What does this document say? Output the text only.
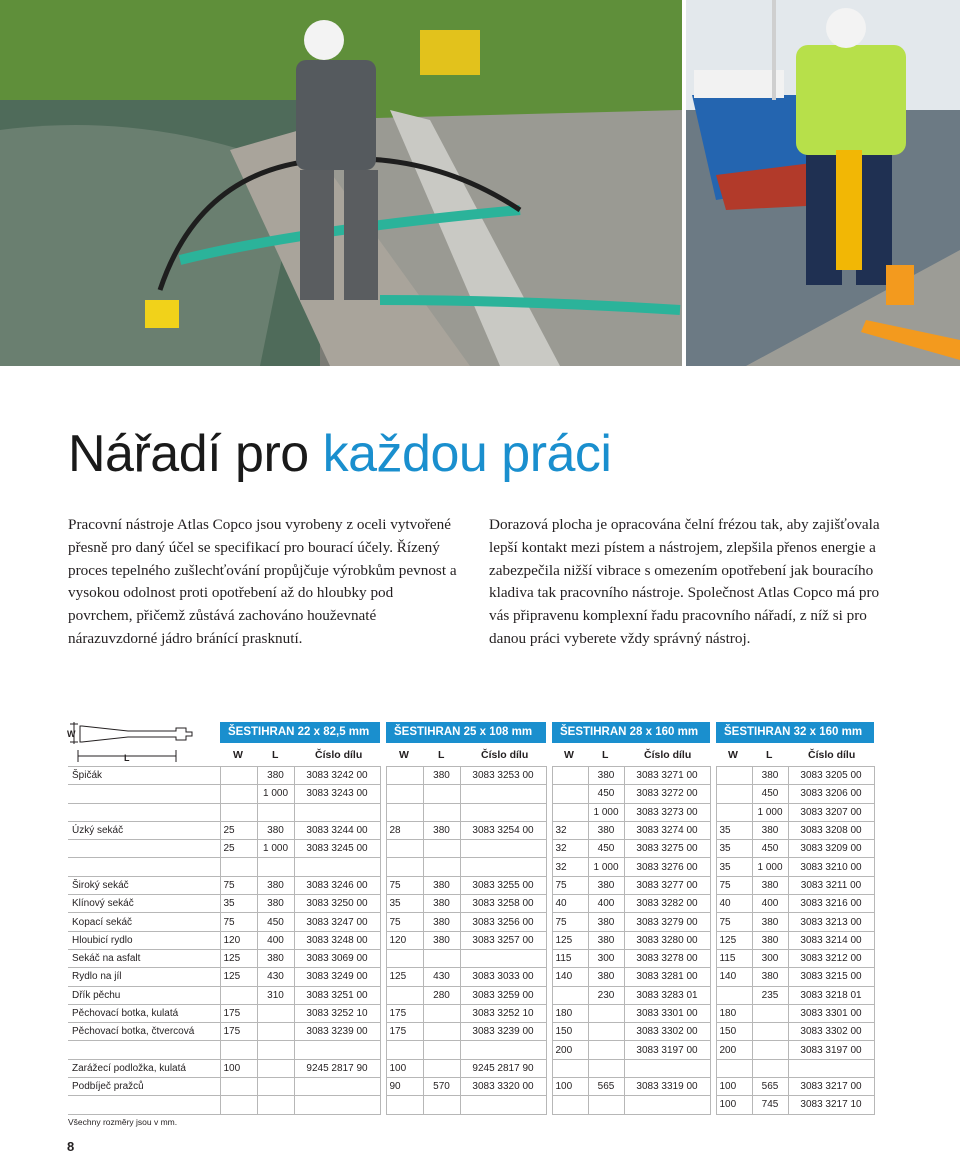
Nářadí pro každou práci

Pracovní nástroje Atlas Copco jsou vyrobeny z oceli vytvořené přesně pro daný účel se specifikací pro bourací účely. Řízený proces tepelného zušlechťování propůjčuje výrobkům pevnost a vysokou odolnost proti opotřebení až do hloubky pod povrchem, přičemž zůstává zachováno houževnaté nárazuvzdorné jádro bránící prasknutí.

Dorazová plocha je opracována čelní frézou tak, aby zajišťovala lepší kontakt mezi pístem a nástrojem, zlepšila přenos energie a zabezpečila nižší vibrace s omezením opotřebení jak bouracího kladiva tak pracovního nástroje. Společnost Atlas Copco má pro vás připravenu komplexní řadu pracovního nářadí, z níž si pro danou práci vyberete vždy správný nástroj.

W
L
ŠESTIHRAN 22 x 82,5 mm	ŠESTIHRAN 25 x 108 mm	ŠESTIHRAN 28 x 160 mm	ŠESTIHRAN 32 x 160 mm
W	L	Číslo dílu	W	L	Číslo dílu	W	L	Číslo dílu	W	L	Číslo dílu
Špičák		380	3083 3242 00			380	3083 3253 00			380	3083 3271 00			380	3083 3205 00
		1 000	3083 3243 00							450	3083 3272 00			450	3083 3206 00
										1 000	3083 3273 00			1 000	3083 3207 00
Úzký sekáč	25	380	3083 3244 00		28	380	3083 3254 00		32	380	3083 3274 00		35	380	3083 3208 00
	25	1 000	3083 3245 00						32	450	3083 3275 00		35	450	3083 3209 00
									32	1 000	3083 3276 00		35	1 000	3083 3210 00
Široký sekáč	75	380	3083 3246 00		75	380	3083 3255 00		75	380	3083 3277 00		75	380	3083 3211 00
Klínový sekáč	35	380	3083 3250 00		35	380	3083 3258 00		40	400	3083 3282 00		40	400	3083 3216 00
Kopací sekáč	75	450	3083 3247 00		75	380	3083 3256 00		75	380	3083 3279 00		75	380	3083 3213 00
Hloubicí rydlo	120	400	3083 3248 00		120	380	3083 3257 00		125	380	3083 3280 00		125	380	3083 3214 00
Sekáč na asfalt	125	380	3083 3069 00						115	300	3083 3278 00		115	300	3083 3212 00
Rydlo na jíl	125	430	3083 3249 00		125	430	3083 3033 00		140	380	3083 3281 00		140	380	3083 3215 00
Dřík pěchu		310	3083 3251 00			280	3083 3259 00			230	3083 3283 01			235	3083 3218 01
Pěchovací botka, kulatá	175		3083 3252 10		175		3083 3252 10		180		3083 3301 00		180		3083 3301 00
Pěchovací botka, čtvercová	175		3083 3239 00		175		3083 3239 00		150		3083 3302 00		150		3083 3302 00
									200		3083 3197 00		200		3083 3197 00
Zarážecí podložka, kulatá	100		9245 2817 90		100		9245 2817 90								
Podbíječ pražců					90	570	3083 3320 00		100	565	3083 3319 00		100	565	3083 3217 00
													100	745	3083 3217 10
Všechny rozměry jsou v mm.
8
